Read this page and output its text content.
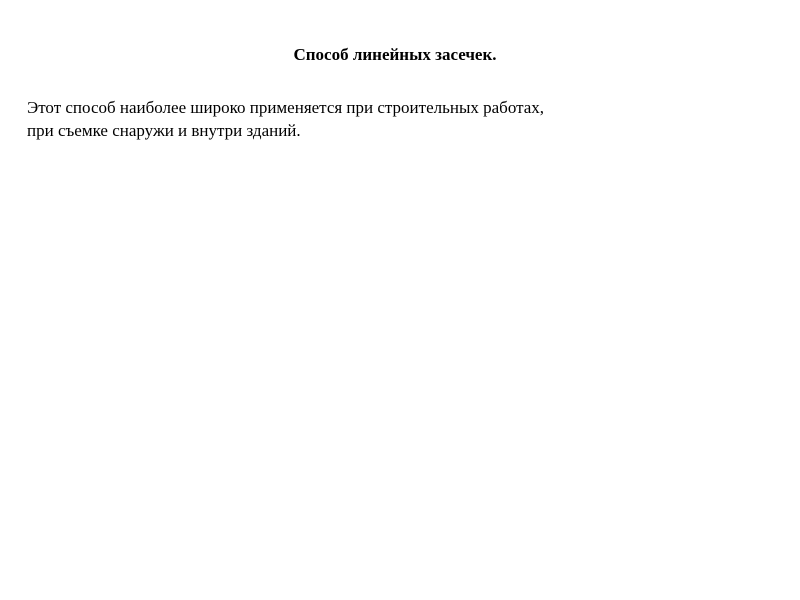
Способ линейных засечек.

Этот способ наиболее широко применяется при строительных работах,
при съемке снаружи и внутри зданий.
